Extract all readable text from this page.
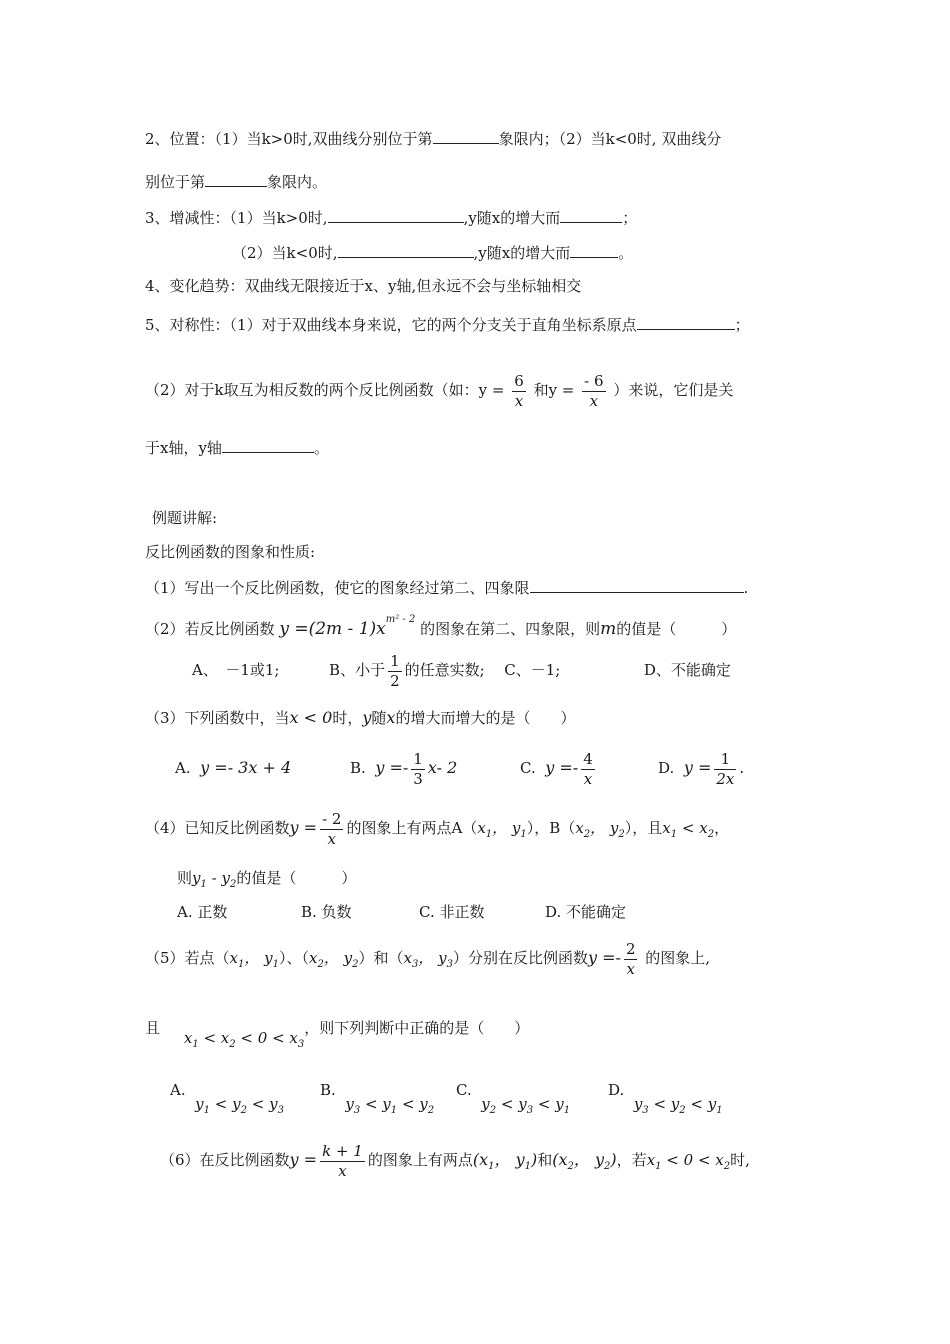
2、位置：（1）当k>0时,双曲线分别位于第	象限内；（2）当k<0时, 双曲线分
别位于第	象限内。
3、增减性：（1）当k>0时,	,y随x的增大而	；
（2）当k<0时,	,y随x的增大而	。
4、变化趋势：双曲线无限接近于x、y轴,但永远不会与坐标轴相交
5、对称性：（1）对于双曲线本身来说，它的两个分支关于直角坐标系原点	；
（2）对于k取互为相反数的两个反比例函数（如：$y = \frac{6}{x}$ 和$y = \frac{- 6}{x}$ ）来说，它们是关
于x轴，y轴	。
例题讲解:
反比例函数的图象和性质:
（1）写出一个反比例函数，使它的图象经过第二、四象限	.
（2）若反比例函数 $y =(2m - 1)x^{m^2 - 2}$ 的图象在第二、四象限，则m的值是（　　　）
A、　－1或1;	B、小于 $\frac{1}{2}$ 的任意实数; C、－1;	D、不能确定
（3）下列函数中，当x < 0时，y随x的增大而增大的是（　　）
A. y =- 3x + 4	B. $y =- \frac{1}{3} x-$ 2	C. $y =- \frac{4}{x}$	D. $y = \frac{1}{2x}$ .
（4）已知反比例函数$y = \frac{- 2}{x}$ 的图象上有两点$A(x_1$， $y_1$），$B(x_2$， $y_2$），且$x_1 < x_2$，
则$y_1 - y_2$的值是（　　　）
A. 正数	B. 负数	C. 非正数	D. 不能确定
（5）若点（$x_1$， $y_1$）、（$x_2$， $y_2$）和（$x_3$， $y_3$）分别在反比例函数$y =- \frac{2}{x}$ 的图象上,
且     $x_1 < x_2 < 0 < x_3$，则下列判断中正确的是（　　）
A.  $y_1 < y_2 < y_3B$.  $y_3 < y_1 < y_2C$.  $y_2 < y_3 < y_1D$.  $y_3 < y_2 < y_1$
（6）在反比例函数$y = \frac{k + 1}{x}$ 的图象上有两点($x_1$， $y_1$)和($x_2$， $y_2$)，若$x_1 < 0 < x_2$时,
